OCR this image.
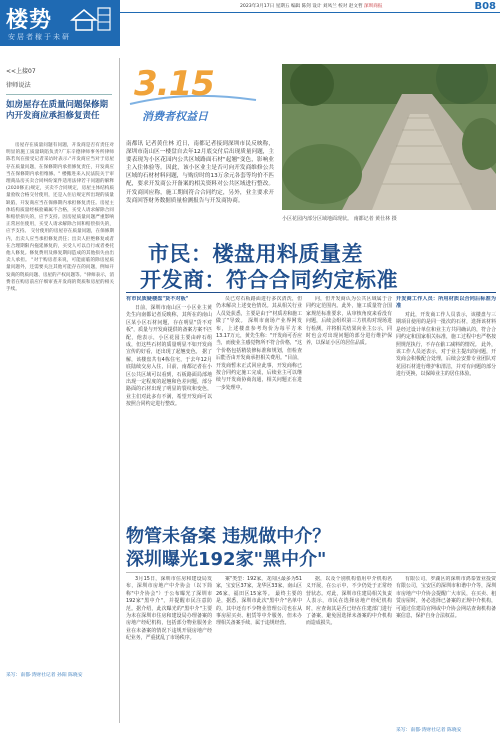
楼势
安居者稼于未研
2023年3月17日 星期五 编辑 陈剑 设计 刘凤兰 校对 赵文哲 深圳商报	B08
<<上接07
律师说法
如房屋存在质量问题保修期内开发商应承担修复责任
房屋存在质量问题有问题，开发商是否有责任对明显的施工质量缺陷负责?广东辛德律师事务所律师陈若岚在接受记者采访时表示:"开发商应当对于房屋存在质量问题，在保修期内承担修复责任，开发商应当在保修期内承担维修。" 楼搬进来入民法院关于审理商品房买卖合同纠纷案件适用法律若干问题的解释(2020修正)规定，买卖不合同规定，房屋主体结构质量验收合格交付使用，还是入住后规定所出现的质量缺陷，开发商应当在保修期内承担修复责任。房屋主体结构质量经核验确属不合格，买受人请求解除合同和赔偿损失的，应予支持。因房屋质量问题严重影响正常居住使用，买受人请求解除合同和赔偿损失的，应予支持。 交付使用的房屋存在质量问题，在保修期内，出卖人应当承担修复责任；出卖人拒绝修复或者在合理期限内拖延修复的，买受人可以自行或者委托他人修复。修复费用及修复期间造成的其他损失由出卖人承担。 "对于购房者来说，可能面临的除房屋质量问题外，还需要关注其他可能存在的问题，例如开发商的资质问题、房屋的产权问题等。"律师表示，消费者在购房前应仔细审查开发商的资质和房屋的相关手续。
采写：南都·湾财社记者 孙阳 陈晓安
3.15
消费者权益日
南都讯 记者黄仕林 近日，南都记者接到深圳市民反映称，深圳市南山区一楼盘自去年12月底交付后出现质量问题，主要表现为小区花园内公共区域路面石材"起翘"变色，影响业主入住体验等。因此，该小区业主是否可向开发商维修公共区域的石材材料问题，与购房时的13万余元各套等均价不匹配，要求开发商公开备案的相关资料对公共区域进行整改。开发商回应称，施工期间符合合同约定，另外，业主要求开发商回答财务数据质量检测报告与开发商协商。
小区花园内部分区域地面现状。 南都记者 黄仕林 摄
市民：楼盘用料质量差
开发商：符合合同约定标准
有市民质疑楼盘"货不对板"

日前，深圳市南山区一小区业主黄先生向南都记者反映称，其所在的南山区某小区石材问题，存在明显"货不对板"，质量与开发商提供的备案方案不匹配，他表示，小区花园主要由碎石组成，但这些石材的质量明显不如开发商宣传的好看，还出现了起翘变色。 据了解，该楼盘共有4栋住宅，于去年12月底陆续交房入住，目前，南都记者在小区公共区域可以看到，石板路面局部地出现一定程度的起翘和色差问题，部分路面的石材出现了明显的裂纹和变色，业主们对此多有不满，希望开发商可以按照合同约定进行整改。

员已对石板路面进行多次清洗，但仍未解决上述变色情况。其从相关行业人员处获悉，主要是由于"材质差和施工做了"导致。 深圳市南场产业界网发布，上述楼盘参考均价为每平方米13.17万元，黄先生称："开发商可否应当，而使业主感觉物所不符合价格，"这个价格包括精装修标准和规划，但检查后能否由开发商承担相关费用。"目前，开发商暂未正式回应此事，开发商称已按合同约定施工完成，后续业主可以继续与开发商协商沟通，相关问题正在进一步处理中。

问，但开发商认为公共区域属于合同约定范围内。此外，施工质量符合国家规范标准要求，从审核角度来看没有问题，后续会组织第三方机构对现场进行检测，并将相关结果向业主公示，同时也会对出现问题的部分进行维护保养，以保证小区的居住品质。

开发商工作人员：所用材质以合同后标准为准

对此，开发商工作人员表示，该楼盘与三期项目使用的是同一批次的石材，选择该材料是经过设计单位和业主方共同确认的，符合合同约定和国家相关标准，施工过程中也严格按照规范执行，不存在偷工减料的情况。 此外，该工作人员还表示，对于业主提出的问题，开发商会积极配合处理，后续会安排专业团队对花园石材进行维护和清洁，并对有问题的部分进行更换，以保障业主的居住体验。

物管未备案 违规做中介？
深圳曝光192家"黑中介"

3月15日，深圳市住房和建设局发布，深圳市房地产中介协会（以下简称"中介协会"）于公布曝光了深圳市192家"黑中介"，并提醒市民注意防范。据介绍，此次曝光的"黑中介"主要为未在深圳市住房和建设局办理备案的房地产经纪机构，包括部分物业服务企业在未备案的情况下违规开展房地产经纪业务，严重扰乱了市场秩序。

案"类型：192家，龙岗区最多为51家，宝安区37家，龙华区33家，南山区26家，福田区15家等。 最终主要的是，据悉，深圳市此次"黑中介"名单中的，其中还有不少物业管理公司也在从事房屋买卖、租赁等中介服务，但未办理相关备案手续，属于违规经营。

据，以及个别机构借用中介机构名义开展，在公示中，不少仍处于正常经营状态。对此，深圳市住建局相关负责人表示，市民在选择房地产经纪机构时，应查询其是否已经在住建部门进行了备案，避免因选择未备案的中介机构而造成损失。

有限公司，罗湖区的深圳市鸿泰置业投资有限公司，宝安区的深圳市和谐中介等，深圳市房地产中介协会提醒广大市民，在买卖、租赁房屋时，务必选择已备案的正规中介机构，可通过住建局官网或中介协会网站查询机构备案信息，保护自身合法权益。

采写：南都·湾财社记者 陈晓安
